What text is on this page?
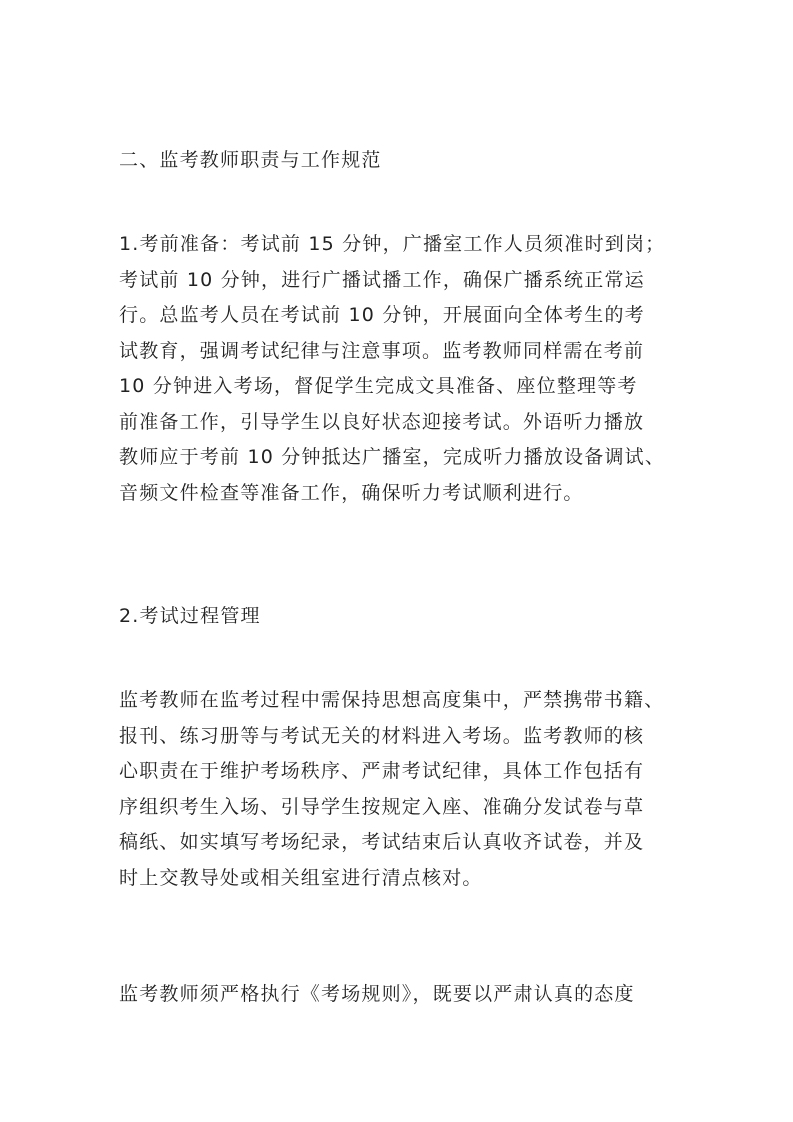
二、监考教师职责与工作规范
1.考前准备：考试前 15 分钟，广播室工作人员须准时到岗；
考试前 10 分钟，进行广播试播工作，确保广播系统正常运
行。总监考人员在考试前 10 分钟，开展面向全体考生的考
试教育，强调考试纪律与注意事项。监考教师同样需在考前
10 分钟进入考场，督促学生完成文具准备、座位整理等考
前准备工作，引导学生以良好状态迎接考试。外语听力播放
教师应于考前 10 分钟抵达广播室，完成听力播放设备调试、
音频文件检查等准备工作，确保听力考试顺利进行。
2.考试过程管理
监考教师在监考过程中需保持思想高度集中，严禁携带书籍、
报刊、练习册等与考试无关的材料进入考场。监考教师的核
心职责在于维护考场秩序、严肃考试纪律，具体工作包括有
序组织考生入场、引导学生按规定入座、准确分发试卷与草
稿纸、如实填写考场纪录，考试结束后认真收齐试卷，并及
时上交教导处或相关组室进行清点核对。
监考教师须严格执行《考场规则》，既要以严肃认真的态度
